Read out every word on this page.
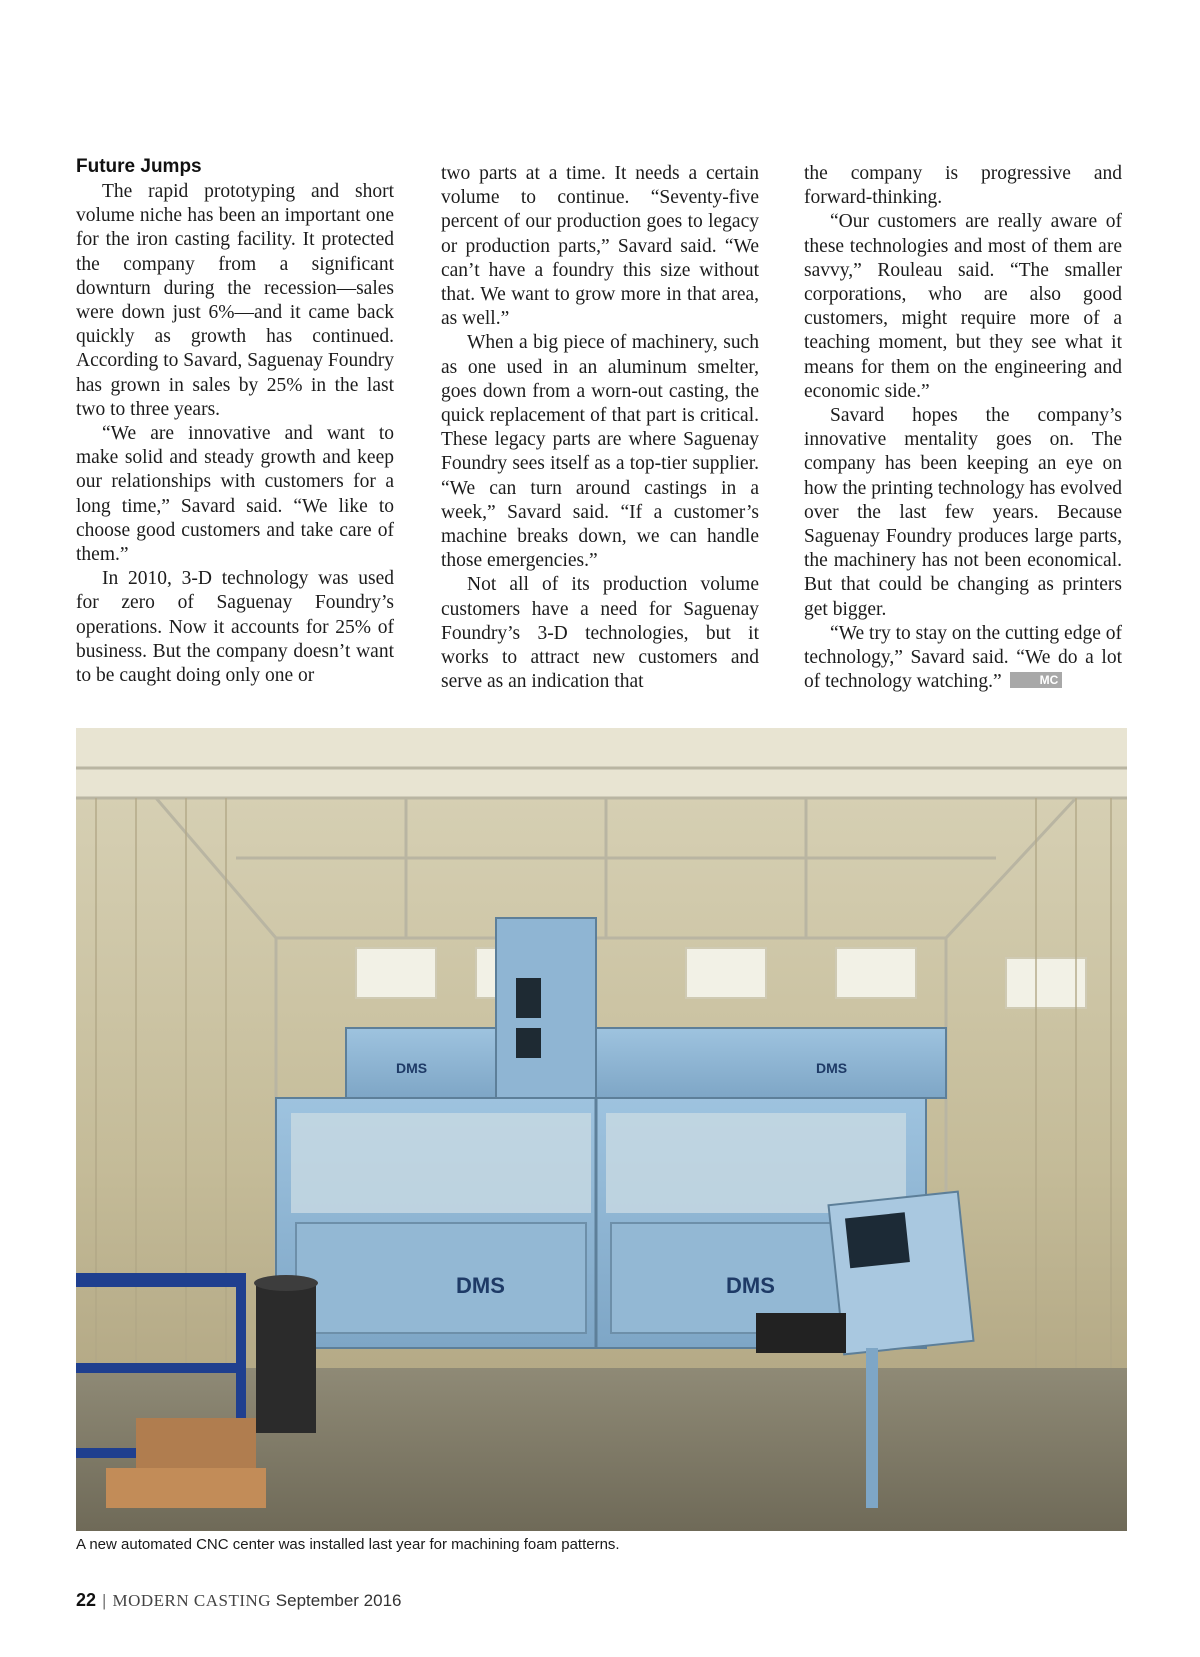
Future Jumps

The rapid prototyping and short volume niche has been an important one for the iron casting facility. It protected the company from a significant downturn during the recession—sales were down just 6%—and it came back quickly as growth has continued. According to Savard, Saguenay Foundry has grown in sales by 25% in the last two to three years.

“We are innovative and want to make solid and steady growth and keep our relationships with customers for a long time,” Savard said. “We like to choose good customers and take care of them.”

In 2010, 3-D technology was used for zero of Saguenay Foundry’s operations. Now it accounts for 25% of business. But the company doesn’t want to be caught doing only one or

two parts at a time. It needs a certain volume to continue. “Seventy-five percent of our production goes to legacy or production parts,” Savard said. “We can’t have a foundry this size without that. We want to grow more in that area, as well.”

When a big piece of machinery, such as one used in an aluminum smelter, goes down from a worn-out casting, the quick replacement of that part is critical. These legacy parts are where Saguenay Foundry sees itself as a top-tier supplier. “We can turn around castings in a week,” Savard said. “If a customer’s machine breaks down, we can handle those emergencies.”

Not all of its production volume customers have a need for Saguenay Foundry’s 3-D technologies, but it works to attract new customers and serve as an indication that

the company is progressive and forward-thinking.

“Our customers are really aware of these technologies and most of them are savvy,” Rouleau said. “The smaller corporations, who are also good customers, might require more of a teaching moment, but they see what it means for them on the engineering and economic side.”

Savard hopes the company’s innovative mentality goes on. The company has been keeping an eye on how the printing technology has evolved over the last few years. Because Saguenay Foundry produces large parts, the machinery has not been economical. But that could be changing as printers get bigger.

“We try to stay on the cutting edge of technology,” Savard said. “We do a lot of technology watching.”	MC

DMS	DMS
DMS	DMS
A new automated CNC center was installed last year for machining foam patterns.
22 | MODERN CASTING September 2016
